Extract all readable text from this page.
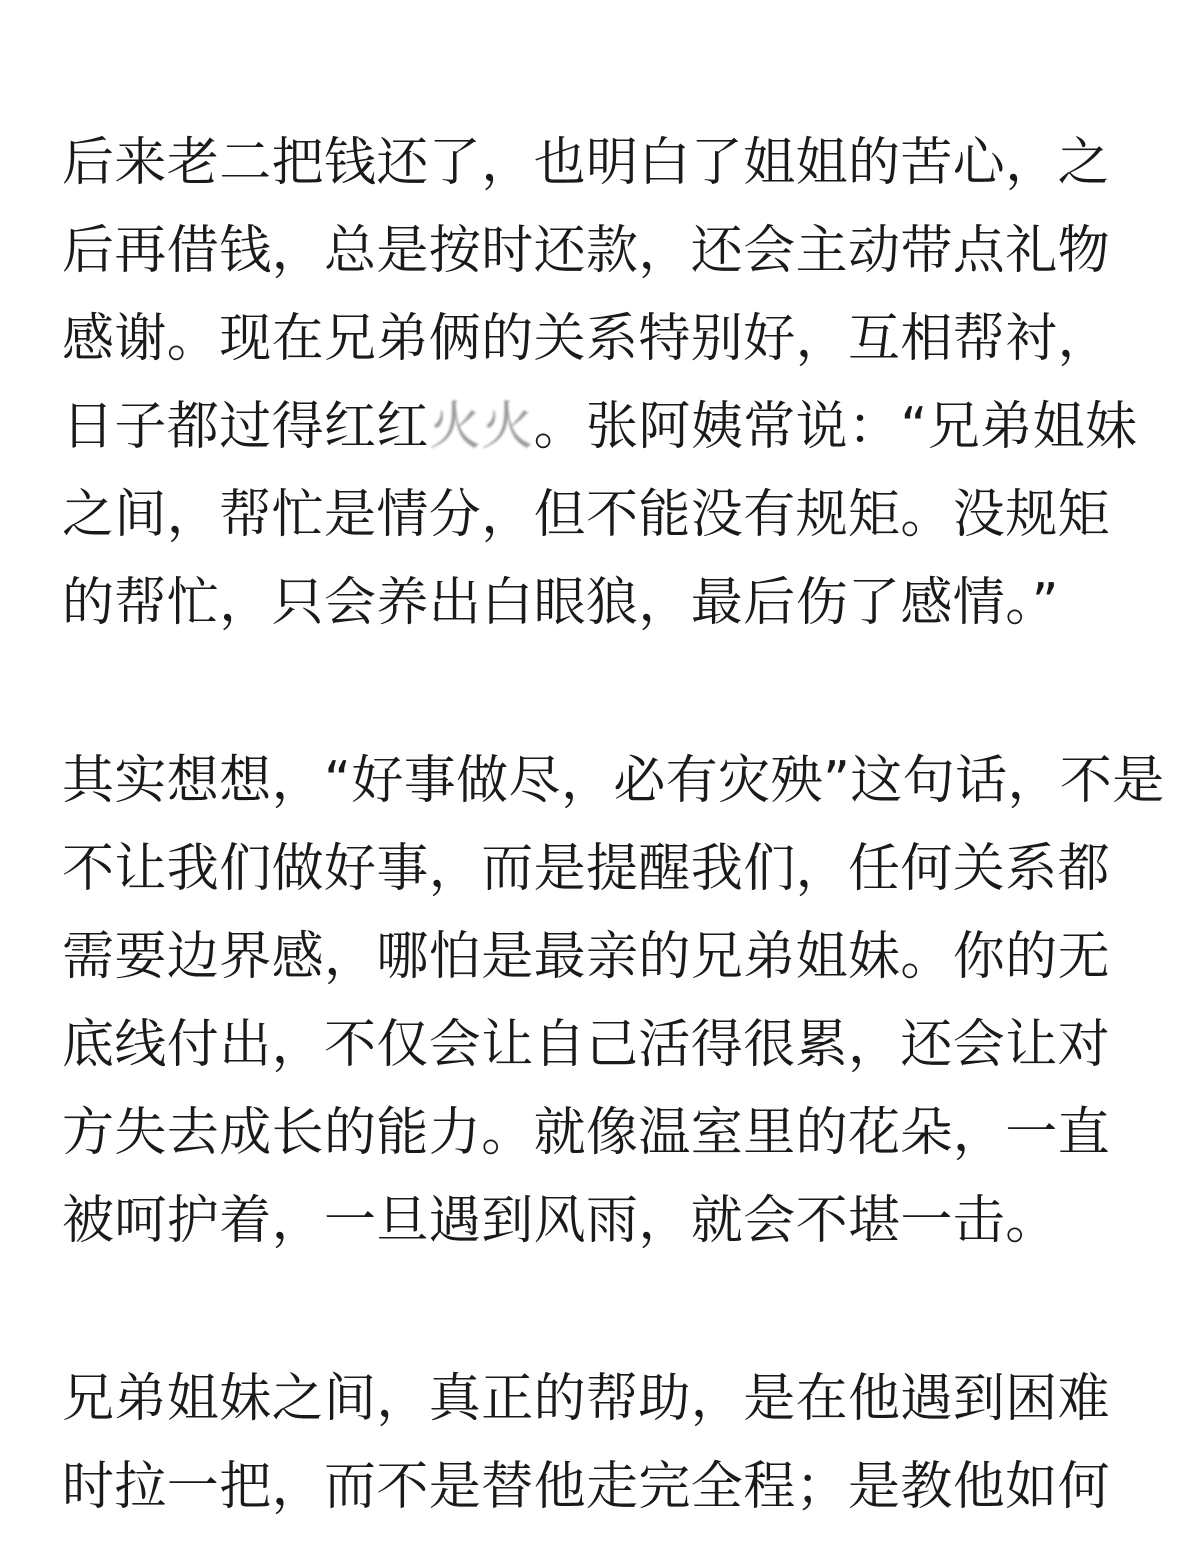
后来老二把钱还了，也明白了姐姐的苦心，之
后再借钱，总是按时还款，还会主动带点礼物
感谢。现在兄弟俩的关系特别好，互相帮衬，
日子都过得红红火火。张阿姨常说：“兄弟姐妹
之间，帮忙是情分，但不能没有规矩。没规矩
的帮忙，只会养出白眼狼，最后伤了感情。”
其实想想，“好事做尽，必有灾殃”这句话，不是
不让我们做好事，而是提醒我们，任何关系都
需要边界感，哪怕是最亲的兄弟姐妹。你的无
底线付出，不仅会让自己活得很累，还会让对
方失去成长的能力。就像温室里的花朵，一直
被呵护着，一旦遇到风雨，就会不堪一击。
兄弟姐妹之间，真正的帮助，是在他遇到困难
时拉一把，而不是替他走完全程；是教他如何
